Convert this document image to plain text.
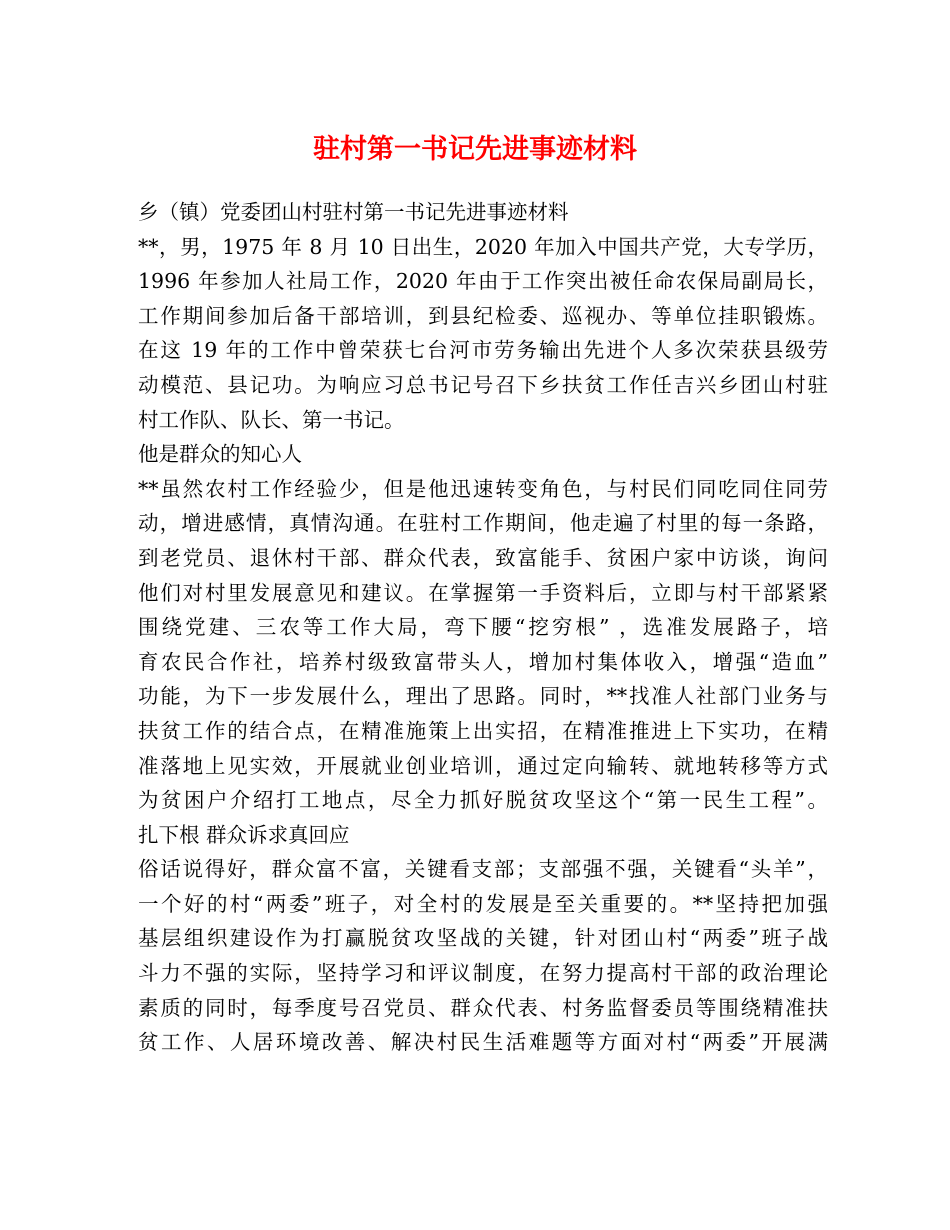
驻村第一书记先进事迹材料
乡（镇）党委团山村驻村第一书记先进事迹材料
**，男，1975 年 8 月 10 日出生，2020 年加入中国共产党，大专学历，
1996 年参加人社局工作，2020 年由于工作突出被任命农保局副局长，
工作期间参加后备干部培训，到县纪检委、巡视办、等单位挂职锻炼。
在这 19 年的工作中曾荣获七台河市劳务输出先进个人多次荣获县级劳
动模范、县记功。为响应习总书记号召下乡扶贫工作任吉兴乡团山村驻
村工作队、队长、第一书记。
他是群众的知心人
**虽然农村工作经验少，但是他迅速转变角色，与村民们同吃同住同劳
动，增进感情，真情沟通。在驻村工作期间，他走遍了村里的每一条路，
到老党员、退休村干部、群众代表，致富能手、贫困户家中访谈，询问
他们对村里发展意见和建议。在掌握第一手资料后，立即与村干部紧紧
围绕党建、三农等工作大局，弯下腰“挖穷根” ，选准发展路子，培
育农民合作社，培养村级致富带头人，增加村集体收入，增强“造血”
功能，为下一步发展什么，理出了思路。同时，**找准人社部门业务与
扶贫工作的结合点，在精准施策上出实招，在精准推进上下实功，在精
准落地上见实效，开展就业创业培训，通过定向输转、就地转移等方式
为贫困户介绍打工地点，尽全力抓好脱贫攻坚这个“第一民生工程”。
扎下根 群众诉求真回应
俗话说得好，群众富不富，关键看支部；支部强不强，关键看“头羊”，
一个好的村“两委”班子，对全村的发展是至关重要的。**坚持把加强
基层组织建设作为打赢脱贫攻坚战的关键，针对团山村“两委”班子战
斗力不强的实际，坚持学习和评议制度，在努力提高村干部的政治理论
素质的同时，每季度号召党员、群众代表、村务监督委员等围绕精准扶
贫工作、人居环境改善、解决村民生活难题等方面对村“两委”开展满
